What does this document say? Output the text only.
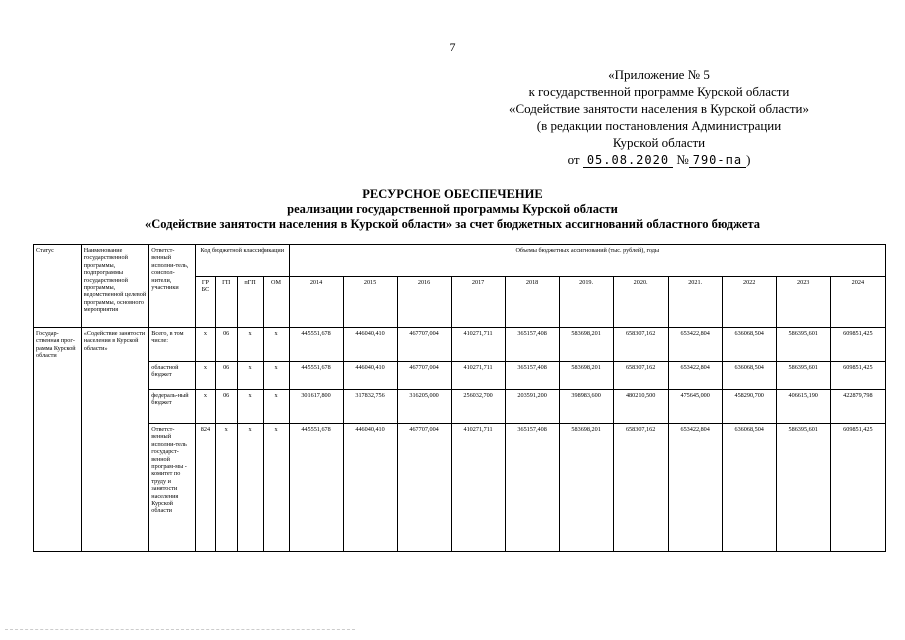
7
«Приложение № 5
к государственной программе Курской области
«Содействие занятости населения в Курской области»
(в редакции постановления Администрации
Курской области
от 05.08.2020 № 790-па )
РЕСУРСНОЕ ОБЕСПЕЧЕНИЕ
реализации государственной программы Курской области
«Содействие занятости населения в Курской области» за счет бюджетных ассигнований областного бюджета
Статус	Наименование государственной программы, подпрограммы государственной программы, ведомственной целевой программы, основного мероприятия	Ответст-венный исполни-тель, соиспол-нители, участники	Код бюджетной классификации				Объемы бюджетных ассигнований (тыс. рублей), годы										
			ГР БС	ГП	пГП	ОМ	2014	2015	2016	2017	2018	2019.	2020.	2021.	2022	2023	2024
Государ-ственная прог-рамма Курской области	«Содействие занятости населения в Курской области»	Всего, в том числе:	x	06	x	x	445551,678	446040,410	467707,004	410271,711	365157,408	583698,201	658307,162	653422,804	636068,504	586395,601	609851,425
		областной бюджет	x	06	x	x	445551,678	446040,410	467707,004	410271,711	365157,408	583698,201	658307,162	653422,804	636068,504	586395,601	609851,425
		федераль-ный бюджет	x	06	x	x	301617,800	317832,756	316205,000	256032,700	203591,200	398983,600	480210,500	475645,000	458290,700	406615,190	422879,798
		Ответст-венный исполни-тель государст-венной програм-мы - комитет по труду и занятости населения Курской области	824	x	x	x	445551,678	446040,410	467707,004	410271,711	365157,408	583698,201	658307,162	653422,804	636068,504	586395,601	609851,425
